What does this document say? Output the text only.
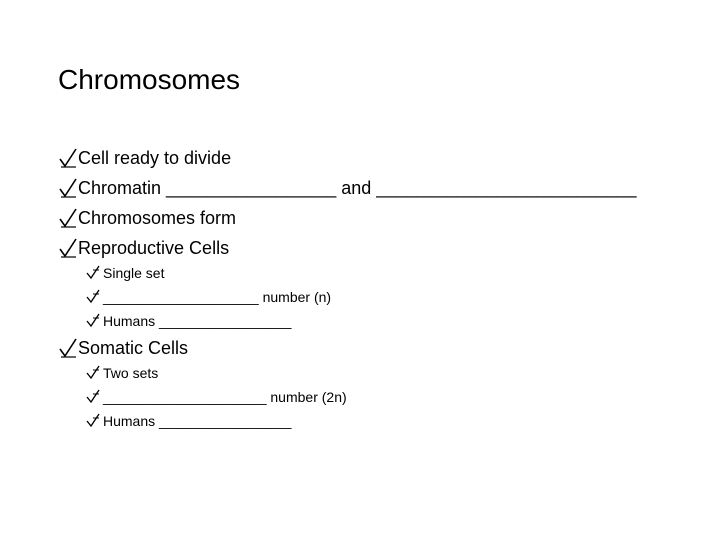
Chromosomes
Cell ready to divide
Chromatin _________________ and __________________________
Chromosomes form
Reproductive Cells
Single set
____________________ number (n)
Humans _________________
Somatic Cells
Two sets
_____________________ number (2n)
Humans _________________
